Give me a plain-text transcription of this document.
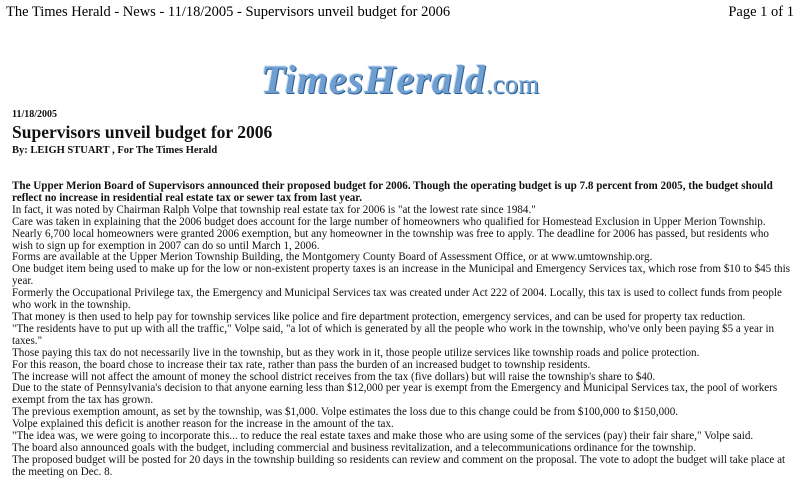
The Times Herald - News - 11/18/2005 - Supervisors unveil budget for 2006	Page 1 of 1
TimesHerald.com
11/18/2005
Supervisors unveil budget for 2006
By: LEIGH STUART , For The Times Herald

The Upper Merion Board of Supervisors announced their proposed budget for 2006. Though the operating budget is up 7.8 percent from 2005, the budget should reflect no increase in residential real estate tax or sewer tax from last year.

In fact, it was noted by Chairman Ralph Volpe that township real estate tax for 2006 is "at the lowest rate since 1984."

Care was taken in explaining that the 2006 budget does account for the large number of homeowners who qualified for Homestead Exclusion in Upper Merion Township.

Nearly 6,700 local homeowners were granted 2006 exemption, but any homeowner in the township was free to apply. The deadline for 2006 has passed, but residents who wish to sign up for exemption in 2007 can do so until March 1, 2006.

Forms are available at the Upper Merion Township Building, the Montgomery County Board of Assessment Office, or at www.umtownship.org.

One budget item being used to make up for the low or non-existent property taxes is an increase in the Municipal and Emergency Services tax, which rose from $10 to $45 this year.

Formerly the Occupational Privilege tax, the Emergency and Municipal Services tax was created under Act 222 of 2004. Locally, this tax is used to collect funds from people who work in the township.

That money is then used to help pay for township services like police and fire department protection, emergency services, and can be used for property tax reduction.

"The residents have to put up with all the traffic," Volpe said, "a lot of which is generated by all the people who work in the township, who've only been paying $5 a year in taxes."

Those paying this tax do not necessarily live in the township, but as they work in it, those people utilize services like township roads and police protection.

For this reason, the board chose to increase their tax rate, rather than pass the burden of an increased budget to township residents.

The increase will not affect the amount of money the school district receives from the tax (five dollars) but will raise the township's share to $40.

Due to the state of Pennsylvania's decision to that anyone earning less than $12,000 per year is exempt from the Emergency and Municipal Services tax, the pool of workers exempt from the tax has grown.

The previous exemption amount, as set by the township, was $1,000. Volpe estimates the loss due to this change could be from $100,000 to $150,000.

Volpe explained this deficit is another reason for the increase in the amount of the tax.

"The idea was, we were going to incorporate this... to reduce the real estate taxes and make those who are using some of the services (pay) their fair share," Volpe said.

The board also announced goals with the budget, including commercial and business revitalization, and a telecommunications ordinance for the township.

The proposed budget will be posted for 20 days in the township building so residents can review and comment on the proposal. The vote to adopt the budget will take place at the meeting on Dec. 8.
